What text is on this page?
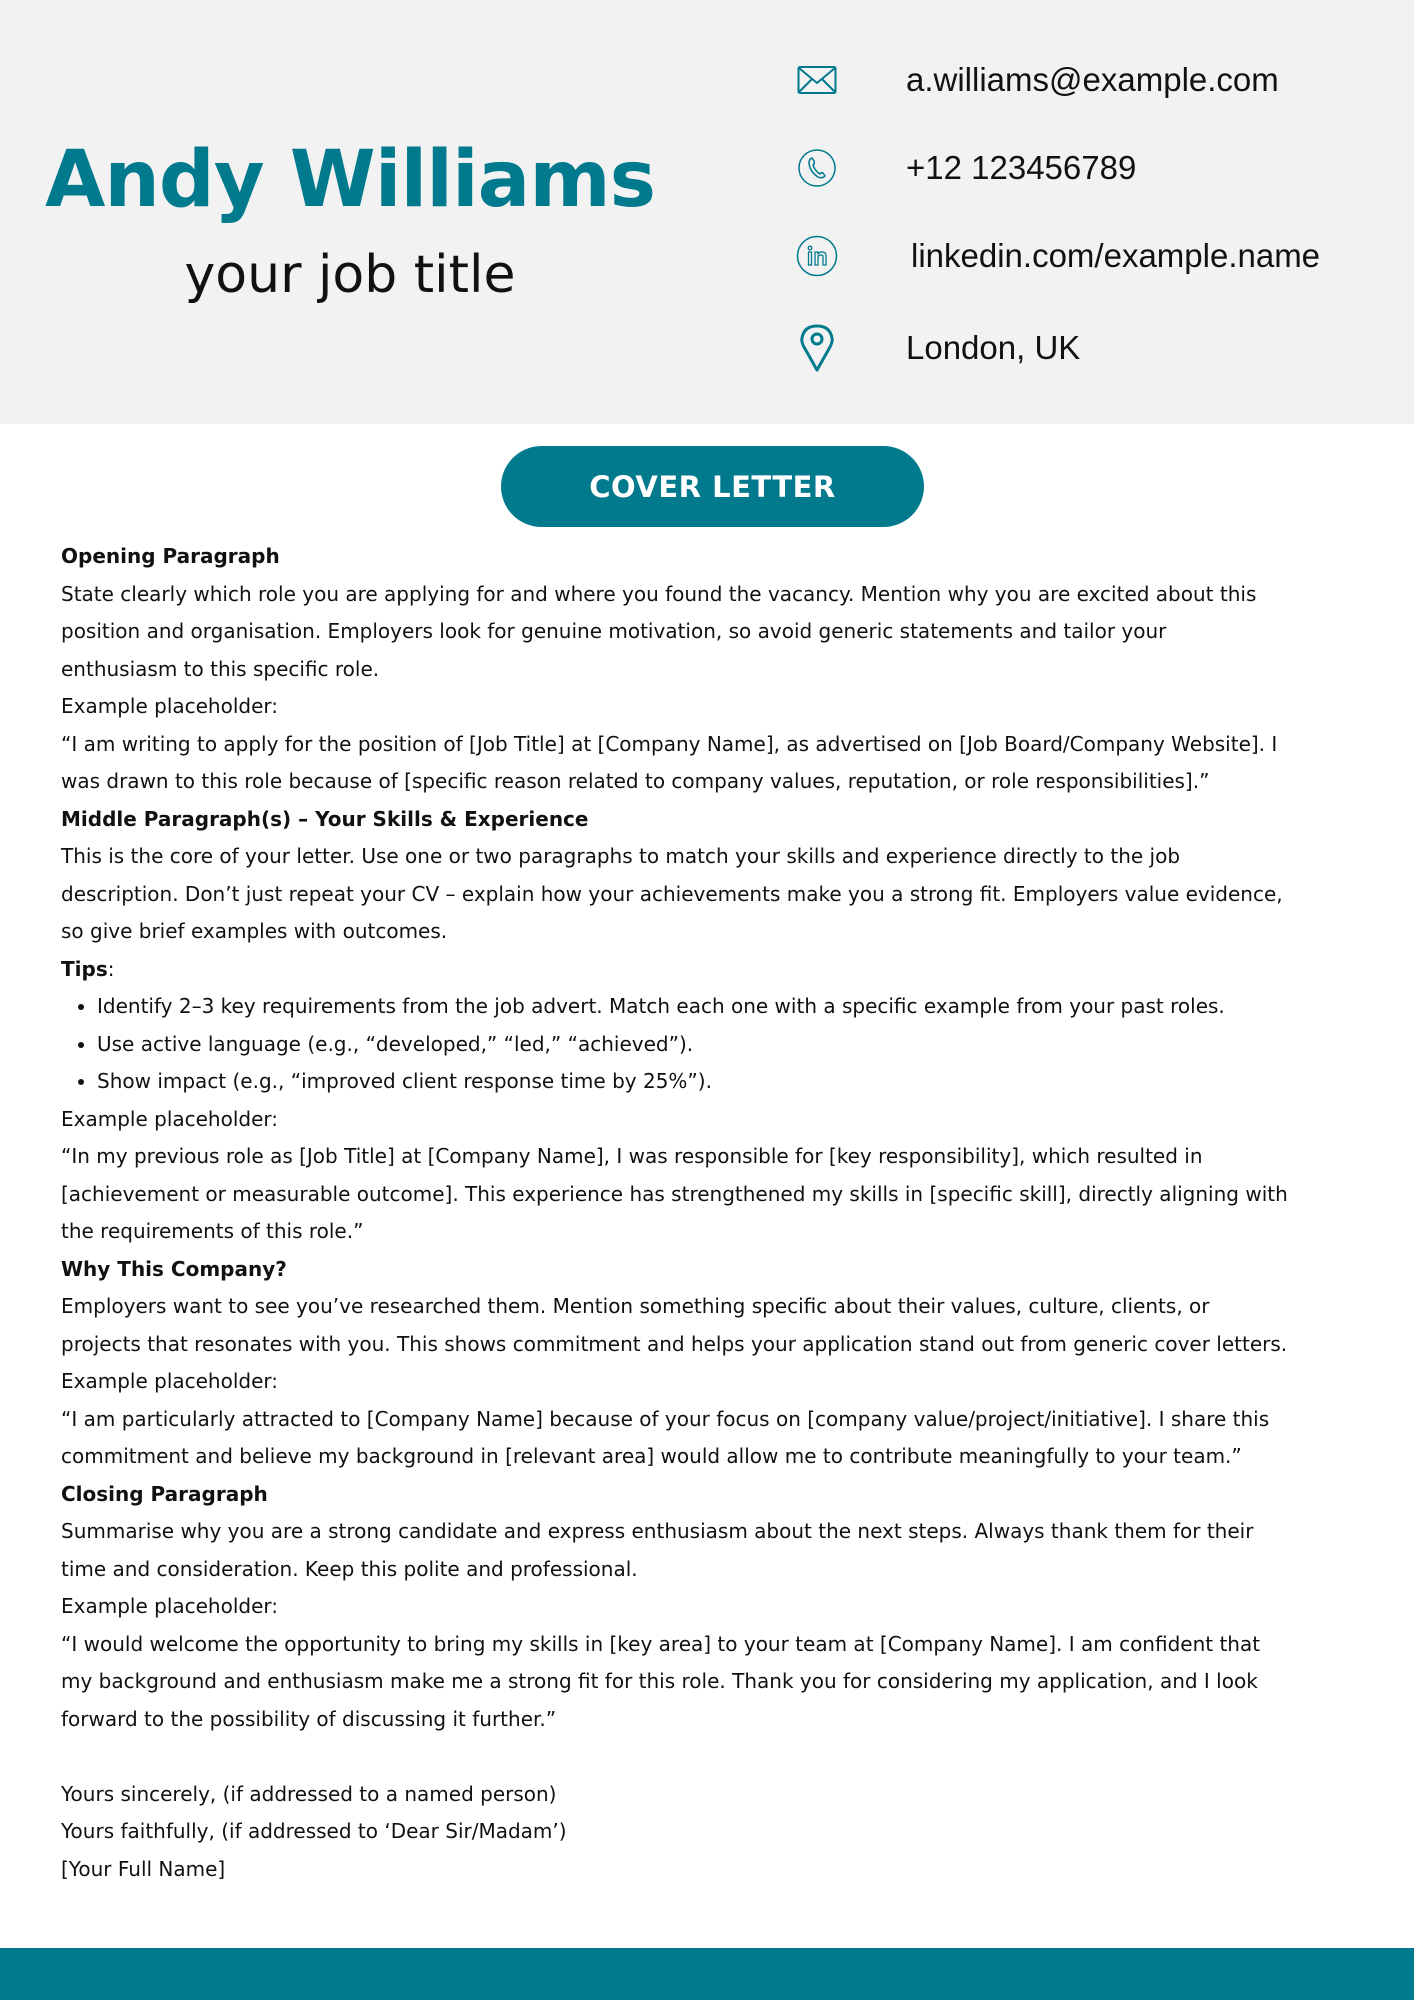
Andy Williams
your job title
a.williams@example.com
+12 123456789
linkedin.com/example.name
London, UK
COVER LETTER
Opening Paragraph
State clearly which role you are applying for and where you found the vacancy. Mention why you are excited about this
position and organisation. Employers look for genuine motivation, so avoid generic statements and tailor your
enthusiasm to this specific role.
Example placeholder:
“I am writing to apply for the position of [Job Title] at [Company Name], as advertised on [Job Board/Company Website]. I
was drawn to this role because of [specific reason related to company values, reputation, or role responsibilities].”
Middle Paragraph(s) – Your Skills & Experience
This is the core of your letter. Use one or two paragraphs to match your skills and experience directly to the job
description. Don’t just repeat your CV – explain how your achievements make you a strong fit. Employers value evidence,
so give brief examples with outcomes.
Tips:
• Identify 2–3 key requirements from the job advert. Match each one with a specific example from your past roles.
• Use active language (e.g., “developed,” “led,” “achieved”).
• Show impact (e.g., “improved client response time by 25%”).
Example placeholder:
“In my previous role as [Job Title] at [Company Name], I was responsible for [key responsibility], which resulted in
[achievement or measurable outcome]. This experience has strengthened my skills in [specific skill], directly aligning with
the requirements of this role.”
Why This Company?
Employers want to see you’ve researched them. Mention something specific about their values, culture, clients, or
projects that resonates with you. This shows commitment and helps your application stand out from generic cover letters.
Example placeholder:
“I am particularly attracted to [Company Name] because of your focus on [company value/project/initiative]. I share this
commitment and believe my background in [relevant area] would allow me to contribute meaningfully to your team.”
Closing Paragraph
Summarise why you are a strong candidate and express enthusiasm about the next steps. Always thank them for their
time and consideration. Keep this polite and professional.
Example placeholder:
“I would welcome the opportunity to bring my skills in [key area] to your team at [Company Name]. I am confident that
my background and enthusiasm make me a strong fit for this role. Thank you for considering my application, and I look
forward to the possibility of discussing it further.”
Yours sincerely, (if addressed to a named person)
Yours faithfully, (if addressed to ‘Dear Sir/Madam’)
[Your Full Name]
